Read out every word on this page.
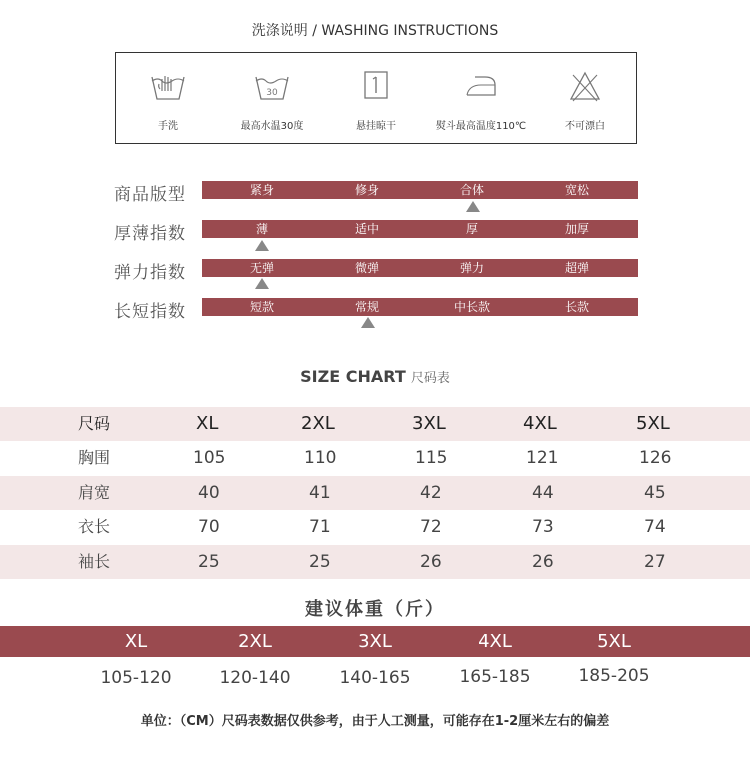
洗涤说明 / WASHING INSTRUCTIONS
手洗
30
最高水温30度	悬挂晾干	熨斗最高温度110℃	不可漂白
商品版型	紧身	修身	合体	宽松
厚薄指数	薄	适中	厚	加厚
弹力指数	无弹	微弹	弹力	超弹
长短指数	短款	常规	中长款	长款
SIZE CHART 尺码表
尺码	XL	2XL	3XL	4XL	5XL
胸围	105	110	115	121	126
肩宽	40	41	42	44	45
衣长	70	71	72	73	74
袖长	25	25	26	26	27
建议体重（斤）
XL	2XL	3XL	4XL	5XL
105-120	120-140	140-165	165-185	185-205
单位：（CM）尺码表数据仅供参考，由于人工测量，可能存在1-2厘米左右的偏差
